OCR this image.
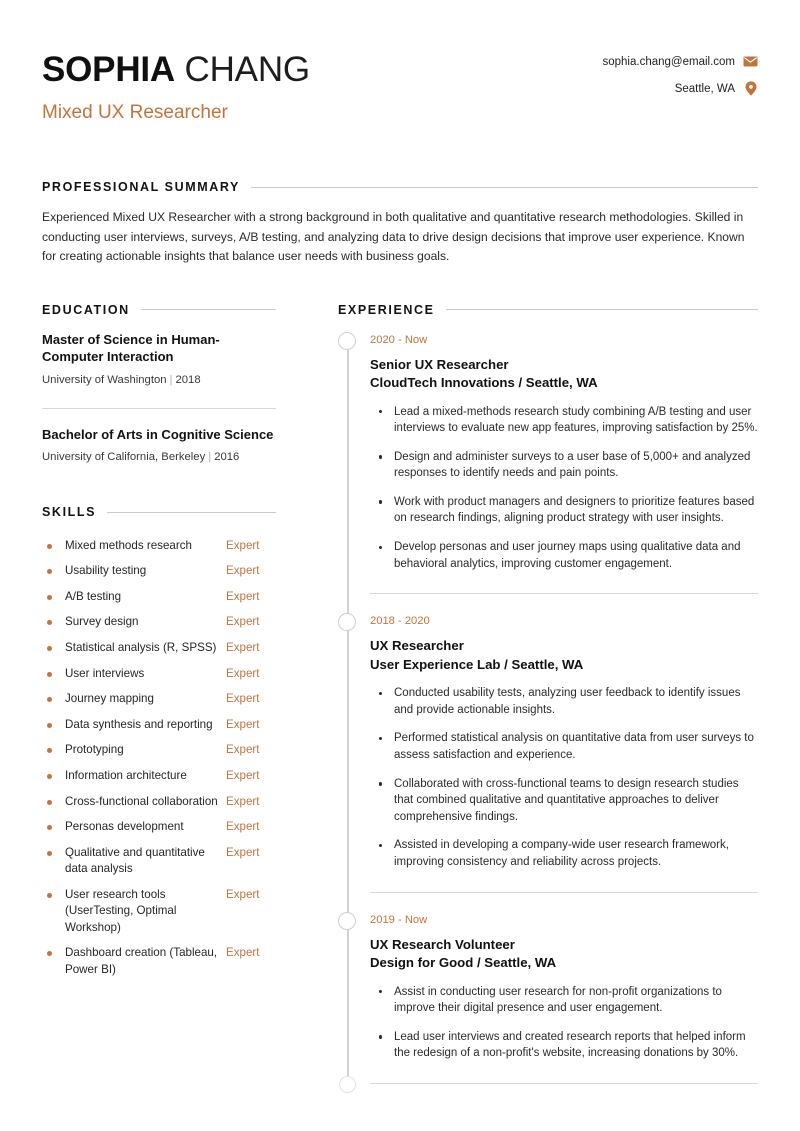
SOPHIA CHANG
Mixed UX Researcher
sophia.chang@email.com
Seattle, WA
PROFESSIONAL SUMMARY
Experienced Mixed UX Researcher with a strong background in both qualitative and quantitative research methodologies. Skilled in conducting user interviews, surveys, A/B testing, and analyzing data to drive design decisions that improve user experience. Known for creating actionable insights that balance user needs with business goals.
EDUCATION
Master of Science in Human-Computer Interaction
University of Washington | 2018
Bachelor of Arts in Cognitive Science
University of California, Berkeley | 2016
SKILLS
Mixed methods research	Expert
Usability testing	Expert
A/B testing	Expert
Survey design	Expert
Statistical analysis (R, SPSS) Expert
User interviews	Expert
Journey mapping	Expert
Data synthesis and reporting	Expert
Prototyping	Expert
Information architecture	Expert
Cross-functional collaboration Expert
Personas development	Expert
Qualitative and quantitative data analysis
Expert
User research tools (UserTesting, Optimal Workshop)
Expert
Dashboard creation (Tableau, Power BI)
Expert
EXPERIENCE
2020 - Now
Senior UX Researcher
CloudTech Innovations / Seattle, WA
Lead a mixed-methods research study combining A/B testing and user interviews to evaluate new app features, improving satisfaction by 25%.
Design and administer surveys to a user base of 5,000+ and analyzed responses to identify needs and pain points.
Work with product managers and designers to prioritize features based on research findings, aligning product strategy with user insights.
Develop personas and user journey maps using qualitative data and behavioral analytics, improving customer engagement.
2018 - 2020
UX Researcher
User Experience Lab / Seattle, WA
Conducted usability tests, analyzing user feedback to identify issues and provide actionable insights.
Performed statistical analysis on quantitative data from user surveys to assess satisfaction and experience.
Collaborated with cross-functional teams to design research studies that combined qualitative and quantitative approaches to deliver comprehensive findings.
Assisted in developing a company-wide user research framework, improving consistency and reliability across projects.
2019 - Now
UX Research Volunteer
Design for Good / Seattle, WA
Assist in conducting user research for non-profit organizations to improve their digital presence and user engagement.
Lead user interviews and created research reports that helped inform the redesign of a non-profit's website, increasing donations by 30%.
